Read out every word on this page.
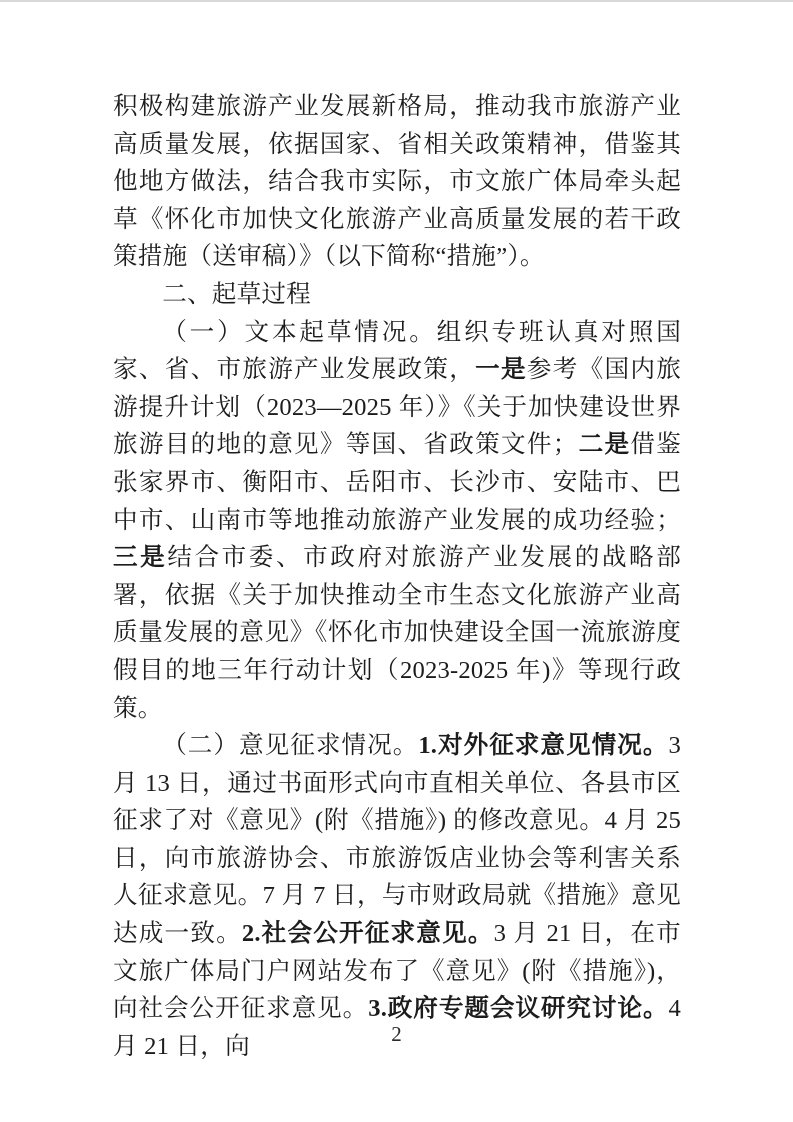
积极构建旅游产业发展新格局，推动我市旅游产业高质量发展，依据国家、省相关政策精神，借鉴其他地方做法，结合我市实际，市文旅广体局牵头起草《怀化市加快文化旅游产业高质量发展的若干政策措施（送审稿）》（以下简称“措施”）。

二、起草过程

（一）文本起草情况。组织专班认真对照国家、省、市旅游产业发展政策，一是参考《国内旅游提升计划（2023—2025 年）》《关于加快建设世界旅游目的地的意见》等国、省政策文件；二是借鉴张家界市、衡阳市、岳阳市、长沙市、安陆市、巴中市、山南市等地推动旅游产业发展的成功经验；三是结合市委、市政府对旅游产业发展的战略部署，依据《关于加快推动全市生态文化旅游产业高质量发展的意见》《怀化市加快建设全国一流旅游度假目的地三年行动计划（2023-2025 年)》等现行政策。

（二）意见征求情况。1.对外征求意见情况。3 月 13 日，通过书面形式向市直相关单位、各县市区征求了对《意见》(附《措施》) 的修改意见。4 月 25 日，向市旅游协会、市旅游饭店业协会等利害关系人征求意见。7 月 7 日，与市财政局就《措施》意见达成一致。2.社会公开征求意见。3 月 21 日，在市文旅广体局门户网站发布了《意见》(附《措施》)，向社会公开征求意见。3.政府专题会议研究讨论。4 月 21 日，向	2
